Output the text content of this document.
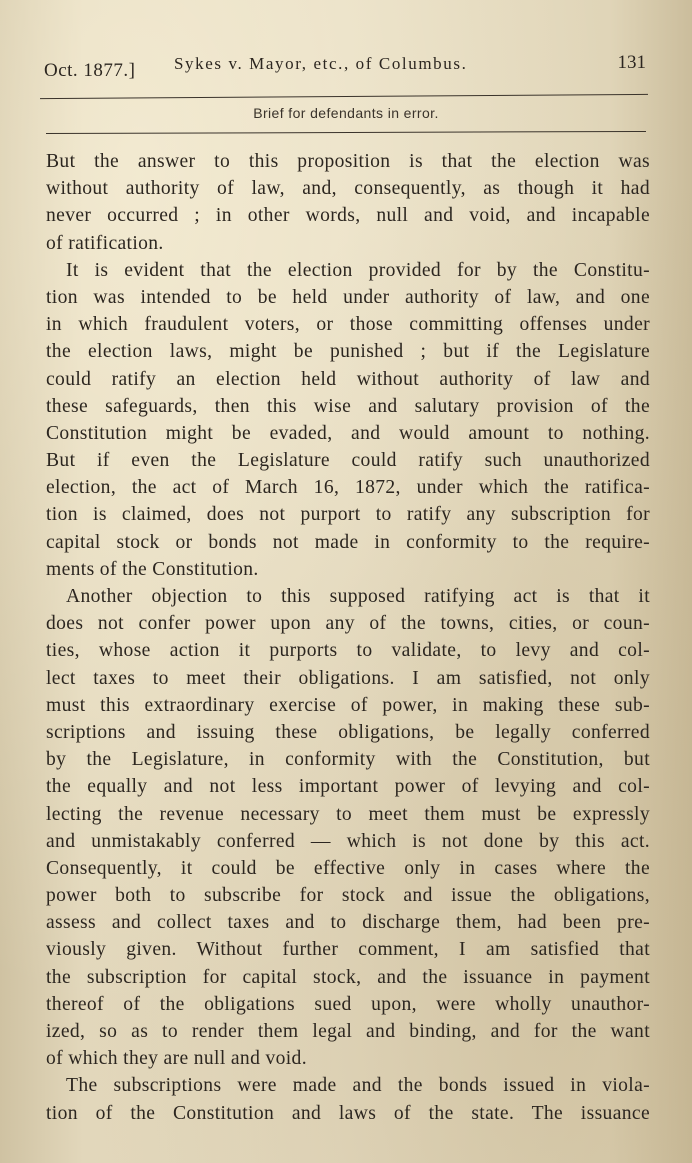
Oct. 1877.] Sykes v. Mayor, etc., of Columbus.	131
Brief for defendants in error.
But the answer to this proposition is that the election was
without authority of law, and, consequently, as though it had
never occurred ; in other words, null and void, and incapable
of ratification.
It is evident that the election provided for by the Constitu-
tion was intended to be held under authority of law, and one
in which fraudulent voters, or those committing offenses under
the election laws, might be punished ; but if the Legislature
could ratify an election held without authority of law and
these safeguards, then this wise and salutary provision of the
Constitution might be evaded, and would amount to nothing.
But if even the Legislature could ratify such unauthorized
election, the act of March 16, 1872, under which the ratifica-
tion is claimed, does not purport to ratify any subscription for
capital stock or bonds not made in conformity to the require-
ments of the Constitution.
Another objection to this supposed ratifying act is that it
does not confer power upon any of the towns, cities, or coun-
ties, whose action it purports to validate, to levy and col-
lect taxes to meet their obligations. I am satisfied, not only
must this extraordinary exercise of power, in making these sub-
scriptions and issuing these obligations, be legally conferred
by the Legislature, in conformity with the Constitution, but
the equally and not less important power of levying and col-
lecting the revenue necessary to meet them must be expressly
and unmistakably conferred — which is not done by this act.
Consequently, it could be effective only in cases where the
power both to subscribe for stock and issue the obligations,
assess and collect taxes and to discharge them, had been pre-
viously given. Without further comment, I am satisfied that
the subscription for capital stock, and the issuance in payment
thereof of the obligations sued upon, were wholly unauthor-
ized, so as to render them legal and binding, and for the want
of which they are null and void.
The subscriptions were made and the bonds issued in viola-
tion of the Constitution and laws of the state. The issuance
